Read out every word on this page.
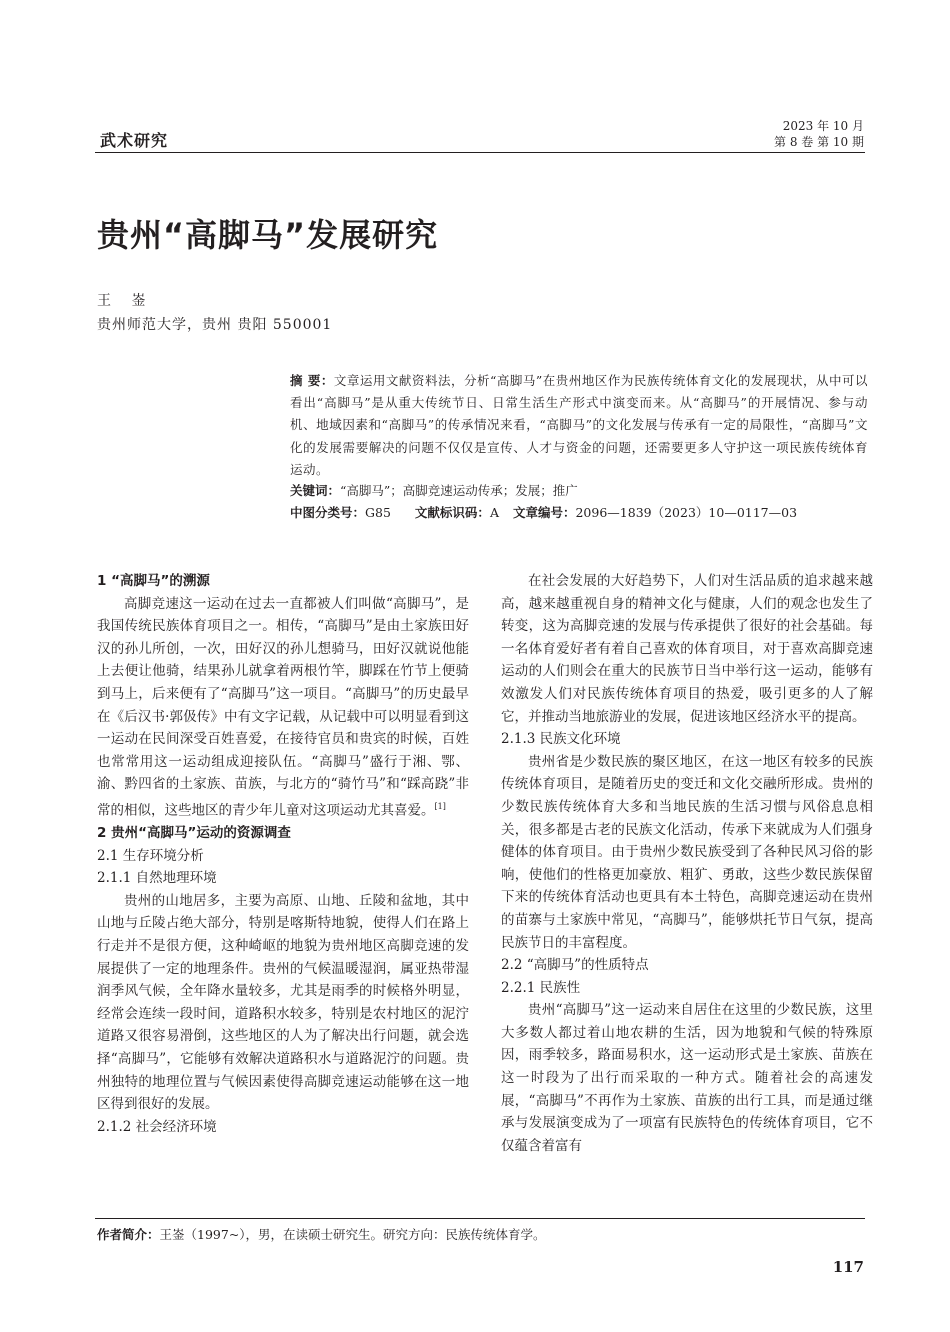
武术研究
2023 年 10 月
第 8 卷 第 10 期
贵州“高脚马”发展研究
王 崟
贵州师范大学，贵州 贵阳 550001
摘 要：文章运用文献资料法，分析“高脚马”在贵州地区作为民族传统体育文化的发展现状，从中可以看出“高脚马”是从重大传统节日、日常生活生产形式中演变而来。从“高脚马”的开展情况、参与动机、地域因素和“高脚马”的传承情况来看，“高脚马”的文化发展与传承有一定的局限性，“高脚马”文化的发展需要解决的问题不仅仅是宣传、人才与资金的问题，还需要更多人守护这一项民族传统体育运动。
关键词：“高脚马”；高脚竞速运动传承；发展；推广
中图分类号：G85 文献标识码：A 文章编号：2096—1839（2023）10—0117—03
1 “高脚马”的溯源

高脚竞速这一运动在过去一直都被人们叫做“高脚马”，是我国传统民族体育项目之一。相传，“高脚马”是由土家族田好汉的孙儿所创，一次，田好汉的孙儿想骑马，田好汉就说他能上去便让他骑，结果孙儿就拿着两根竹竿，脚踩在竹节上便骑到马上，后来便有了“高脚马”这一项目。“高脚马”的历史最早在《后汉书·郭伋传》中有文字记载，从记载中可以明显看到这一运动在民间深受百姓喜爱，在接待官员和贵宾的时候，百姓也常常用这一运动组成迎接队伍。“高脚马”盛行于湘、鄂、渝、黔四省的土家族、苗族，与北方的“骑竹马”和“踩高跷”非常的相似，这些地区的青少年儿童对这项运动尤其喜爱。[1]

2 贵州“高脚马”运动的资源调查
2.1 生存环境分析
2.1.1 自然地理环境

贵州的山地居多，主要为高原、山地、丘陵和盆地，其中山地与丘陵占绝大部分，特别是喀斯特地貌，使得人们在路上行走并不是很方便，这种崎岖的地貌为贵州地区高脚竞速的发展提供了一定的地理条件。贵州的气候温暖湿润，属亚热带湿润季风气候，全年降水量较多，尤其是雨季的时候格外明显，经常会连续一段时间，道路积水较多，特别是农村地区的泥泞道路又很容易滑倒，这些地区的人为了解决出行问题，就会选择“高脚马”，它能够有效解决道路积水与道路泥泞的问题。贵州独特的地理位置与气候因素使得高脚竞速运动能够在这一地区得到很好的发展。

2.1.2 社会经济环境

在社会发展的大好趋势下，人们对生活品质的追求越来越高，越来越重视自身的精神文化与健康，人们的观念也发生了转变，这为高脚竞速的发展与传承提供了很好的社会基础。每一名体育爱好者有着自己喜欢的体育项目，对于喜欢高脚竞速运动的人们则会在重大的民族节日当中举行这一运动，能够有效激发人们对民族传统体育项目的热爱，吸引更多的人了解它，并推动当地旅游业的发展，促进该地区经济水平的提高。

2.1.3 民族文化环境

贵州省是少数民族的聚区地区，在这一地区有较多的民族传统体育项目，是随着历史的变迁和文化交融所形成。贵州的少数民族传统体育大多和当地民族的生活习惯与风俗息息相关，很多都是古老的民族文化活动，传承下来就成为人们强身健体的体育项目。由于贵州少数民族受到了各种民风习俗的影响，使他们的性格更加豪放、粗犷、勇敢，这些少数民族保留下来的传统体育活动也更具有本土特色，高脚竞速运动在贵州的苗寨与土家族中常见，“高脚马”，能够烘托节日气氛，提高民族节日的丰富程度。

2.2 “高脚马”的性质特点
2.2.1 民族性

贵州“高脚马”这一运动来自居住在这里的少数民族，这里大多数人都过着山地农耕的生活，因为地貌和气候的特殊原因，雨季较多，路面易积水，这一运动形式是土家族、苗族在这一时段为了出行而采取的一种方式。随着社会的高速发展，“高脚马”不再作为土家族、苗族的出行工具，而是通过继承与发展演变成为了一项富有民族特色的传统体育项目，它不仅蕴含着富有

作者简介：王崟（1997~），男，在读硕士研究生。研究方向：民族传统体育学。
117
